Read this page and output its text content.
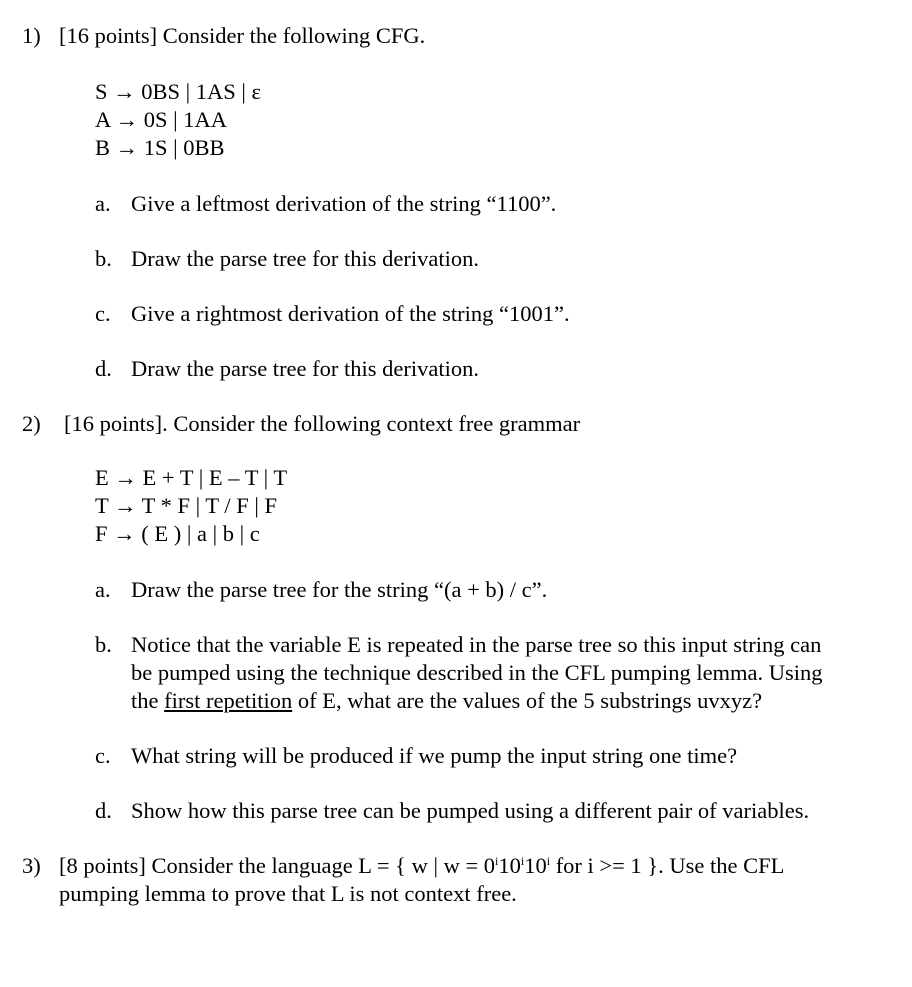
1) [16 points] Consider the following CFG.
S → 0BS | 1AS | ε
A → 0S | 1AA
B → 1S | 0BB
a. Give a leftmost derivation of the string “1100”.
b. Draw the parse tree for this derivation.
c. Give a rightmost derivation of the string “1001”.
d. Draw the parse tree for this derivation.
2) [16 points]. Consider the following context free grammar
E → E + T | E – T | T
T → T * F | T / F | F
F → ( E ) | a | b | c
a. Draw the parse tree for the string “(a + b) / c”.
b. Notice that the variable E is repeated in the parse tree so this input string can
be pumped using the technique described in the CFL pumping lemma. Using
the first repetition of E, what are the values of the 5 substrings uvxyz?
c. What string will be produced if we pump the input string one time?
d. Show how this parse tree can be pumped using a different pair of variables.
3) [8 points] Consider the language L = { w | $w = 0^i10^i10^i$ for i >= 1 }. Use the CFL
pumping lemma to prove that L is not context free.
